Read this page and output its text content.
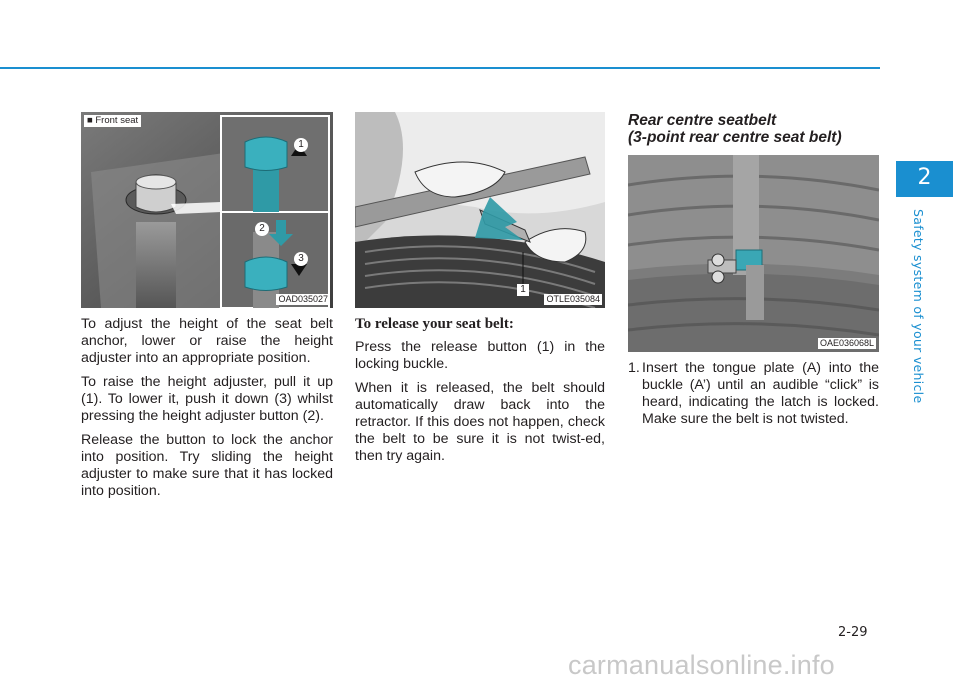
2
Safety system of your vehicle
■ Front seat
1
2
3
OAD035027

To adjust the height of the seat belt anchor, lower or raise the height adjuster into an appropriate position.

To raise the height adjuster, pull it up (1). To lower it, push it down (3) whilst pressing the height adjuster button (2).

Release the button to lock the anchor into position. Try sliding the height adjuster to make sure that it has locked into position.

1
OTLE035084
To release your seat belt:

Press the release button (1) in the locking buckle.

When it is released, the belt should automatically draw back into the retractor. If this does not happen, check the belt to be sure it is not twist-ed, then try again.

Rear centre seatbelt
(3-point rear centre seat belt)
OAE036068L
1. Insert the tongue plate (A) into the buckle (A’) until an audible “click” is heard, indicating the latch is locked. Make sure the belt is not twisted.
2-29
carmanualsonline.info
